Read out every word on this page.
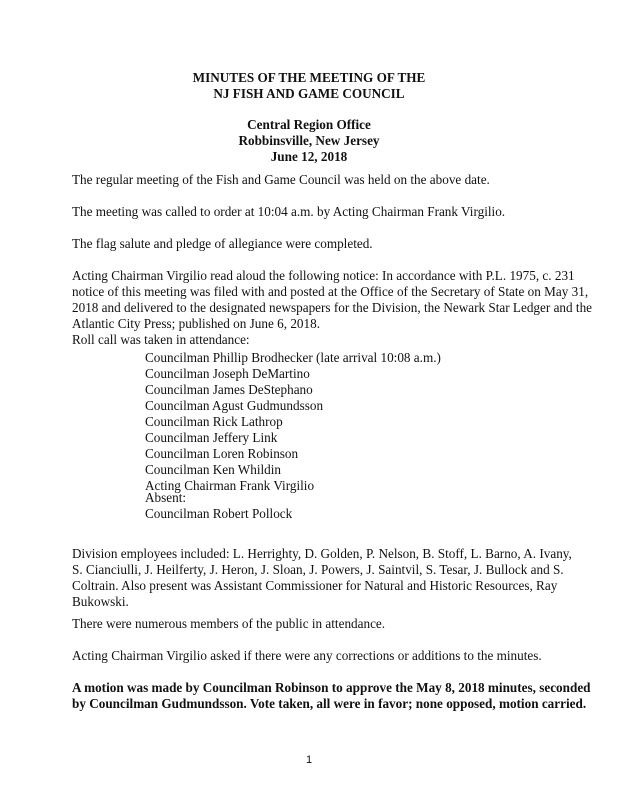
MINUTES OF THE MEETING OF THE
NJ FISH AND GAME COUNCIL
Central Region Office
Robbinsville, New Jersey
June 12, 2018
The regular meeting of the Fish and Game Council was held on the above date.
The meeting was called to order at 10:04 a.m. by Acting Chairman Frank Virgilio.
The flag salute and pledge of allegiance were completed.
Acting Chairman Virgilio read aloud the following notice: In accordance with P.L. 1975, c. 231
notice of this meeting was filed with and posted at the Office of the Secretary of State on May 31,
2018 and delivered to the designated newspapers for the Division, the Newark Star Ledger and the
Atlantic City Press; published on June 6, 2018.
Roll call was taken in attendance:
Councilman Phillip Brodhecker (late arrival 10:08 a.m.)
Councilman Joseph DeMartino
Councilman James DeStephano
Councilman Agust Gudmundsson
Councilman Rick Lathrop
Councilman Jeffery Link
Councilman Loren Robinson
Councilman Ken Whildin
Acting Chairman Frank Virgilio
Absent:
Councilman Robert Pollock
Division employees included: L. Herrighty, D. Golden, P. Nelson, B. Stoff, L. Barno, A. Ivany,
S. Cianciulli, J. Heilferty, J. Heron, J. Sloan, J. Powers, J. Saintvil, S. Tesar, J. Bullock and S.
Coltrain. Also present was Assistant Commissioner for Natural and Historic Resources, Ray
Bukowski.
There were numerous members of the public in attendance.
Acting Chairman Virgilio asked if there were any corrections or additions to the minutes.
A motion was made by Councilman Robinson to approve the May 8, 2018 minutes, seconded
by Councilman Gudmundsson. Vote taken, all were in favor; none opposed, motion carried.
1
